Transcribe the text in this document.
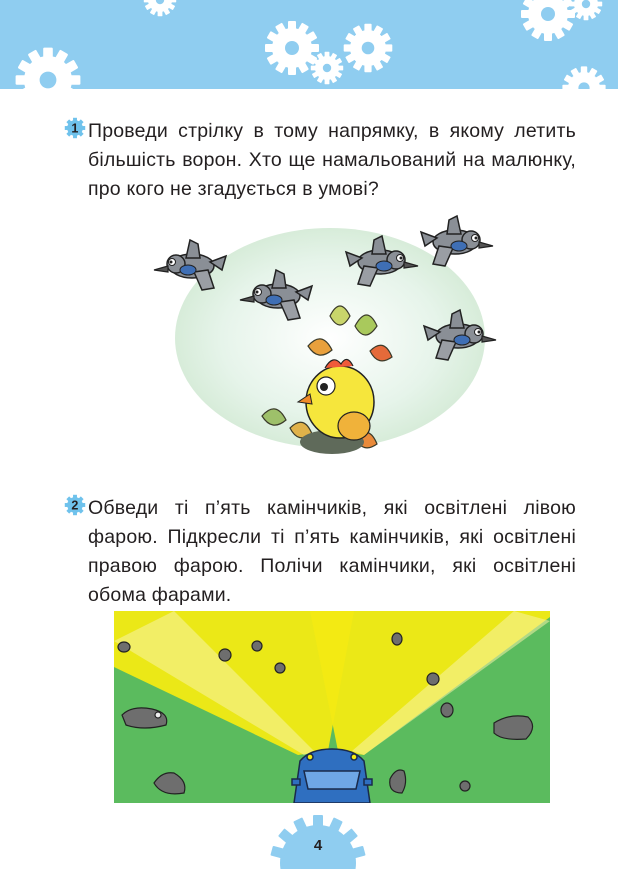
1 Проведи стрілку в тому напрямку, в якому летить більшість ворон. Хто ще намальований на малюнку, про кого не згадується в умові?
2 Обведи ті п’ять камінчиків, які освітлені лівою фарою. Підкресли ті п’ять камінчиків, які освітлені правою фарою. Полічи камінчики, які освітлені обома фарами.
4
